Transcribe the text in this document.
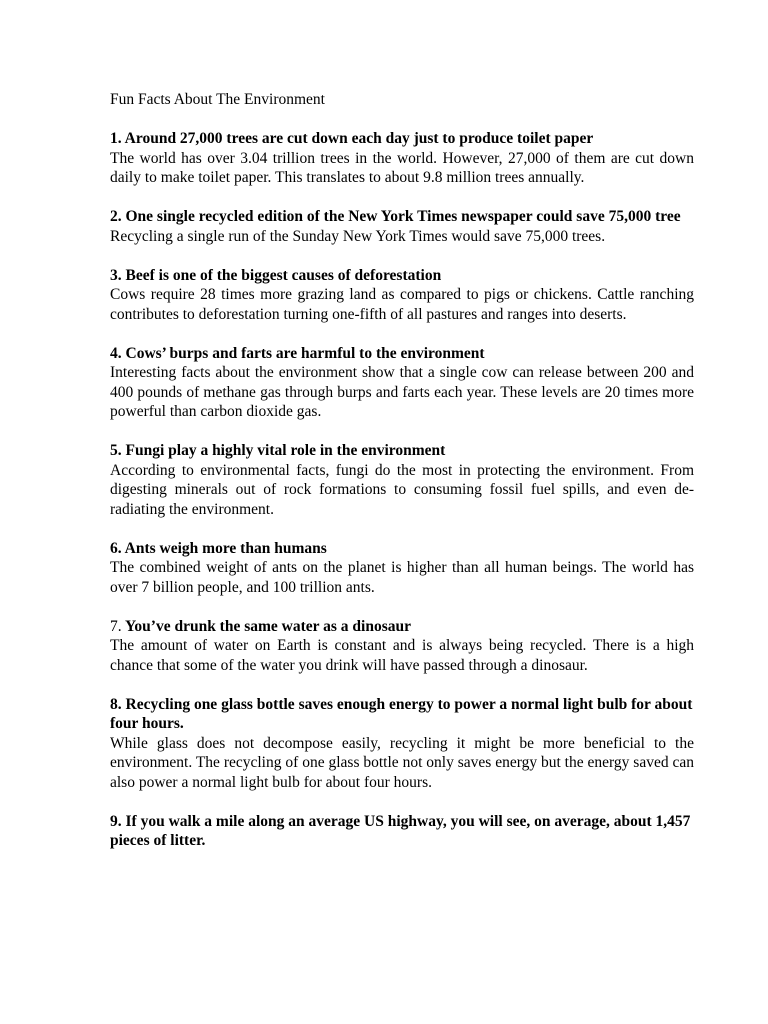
Fun Facts About The Environment

1. Around 27,000 trees are cut down each day just to produce toilet paper

The world has over 3.04 trillion trees in the world. However, 27,000 of them are cut down daily to make toilet paper. This translates to about 9.8 million trees annually.

2. One single recycled edition of the New York Times newspaper could save 75,000 tree

Recycling a single run of the Sunday New York Times would save 75,000 trees.

3. Beef is one of the biggest causes of deforestation

Cows require 28 times more grazing land as compared to pigs or chickens. Cattle ranching contributes to deforestation turning one-fifth of all pastures and ranges into deserts.

4. Cows’ burps and farts are harmful to the environment

Interesting facts about the environment show that a single cow can release between 200 and 400 pounds of methane gas through burps and farts each year. These levels are 20 times more powerful than carbon dioxide gas.

5. Fungi play a highly vital role in the environment

According to environmental facts, fungi do the most in protecting the environment. From digesting minerals out of rock formations to consuming fossil fuel spills, and even de-radiating the environment.

6. Ants weigh more than humans

The combined weight of ants on the planet is higher than all human beings. The world has over 7 billion people, and 100 trillion ants.

7. You’ve drunk the same water as a dinosaur

The amount of water on Earth is constant and is always being recycled. There is a high chance that some of the water you drink will have passed through a dinosaur.

8. Recycling one glass bottle saves enough energy to power a normal light bulb for about four hours.

While glass does not decompose easily, recycling it might be more beneficial to the environment. The recycling of one glass bottle not only saves energy but the energy saved can also power a normal light bulb for about four hours.

9. If you walk a mile along an average US highway, you will see, on average, about 1,457 pieces of litter.
